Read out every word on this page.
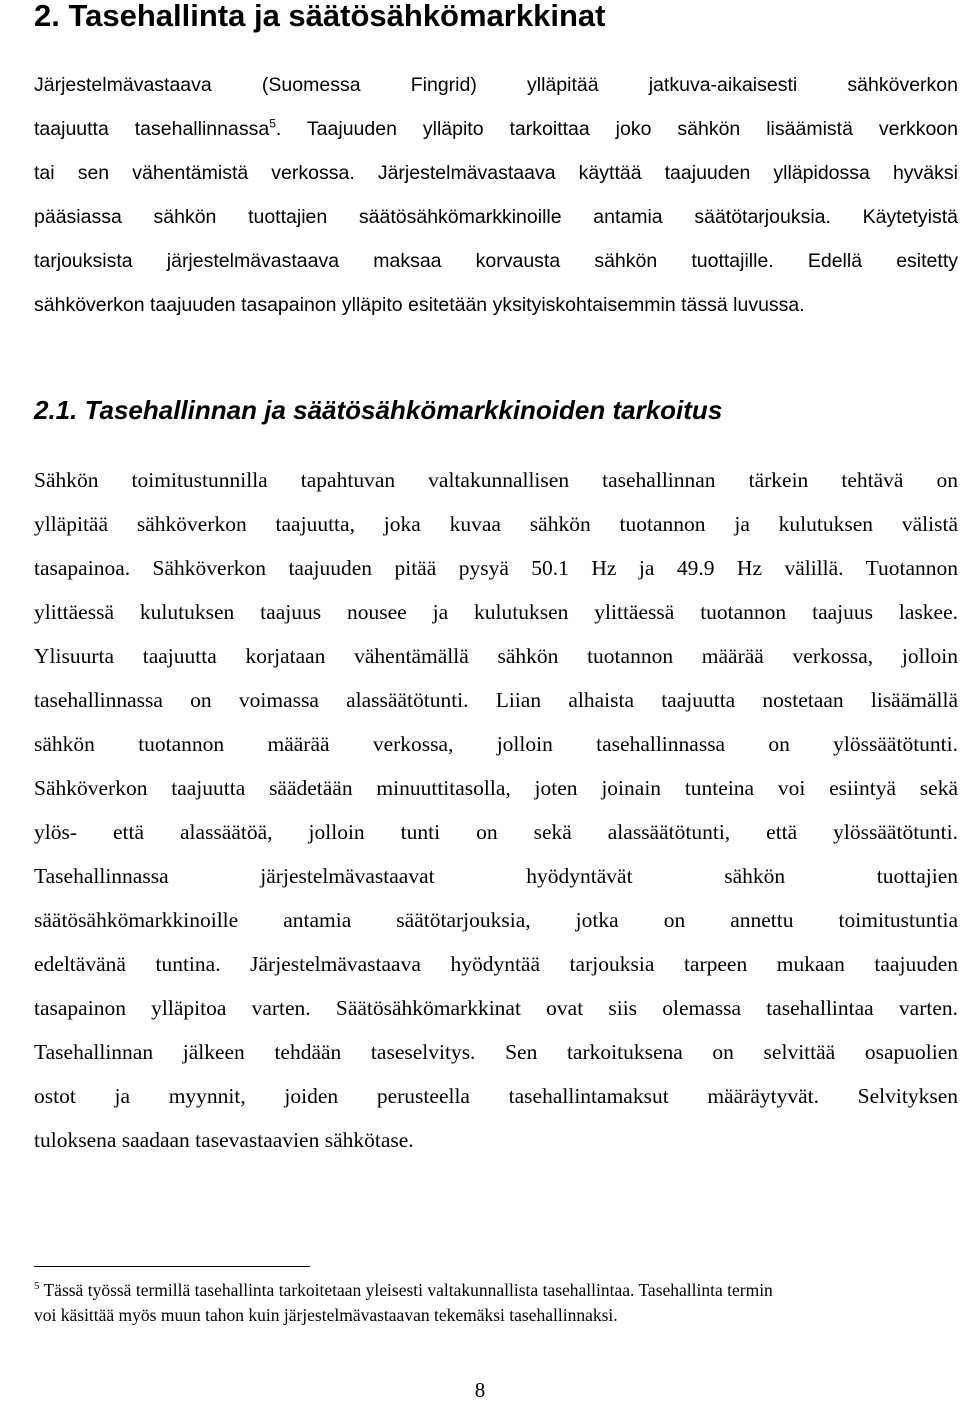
2. Tasehallinta ja säätösähkömarkkinat
Järjestelmävastaava (Suomessa Fingrid) ylläpitää jatkuva-aikaisesti sähköverkon
taajuutta tasehallinnassa$^5$. Taajuuden ylläpito tarkoittaa joko sähkön lisäämistä verkkoon
tai sen vähentämistä verkossa. Järjestelmävastaava käyttää taajuuden ylläpidossa hyväksi
pääsiassa sähkön tuottajien säätösähkömarkkinoille antamia säätötarjouksia. Käytetyistä
tarjouksista järjestelmävastaava maksaa korvausta sähkön tuottajille. Edellä esitetty
sähköverkon taajuuden tasapainon ylläpito esitetään yksityiskohtaisemmin tässä luvussa.
2.1. Tasehallinnan ja säätösähkömarkkinoiden tarkoitus
Sähkön toimitustunnilla tapahtuvan valtakunnallisen tasehallinnan tärkein tehtävä on
ylläpitää sähköverkon taajuutta, joka kuvaa sähkön tuotannon ja kulutuksen välistä
tasapainoa. Sähköverkon taajuuden pitää pysyä 50.1 Hz ja 49.9 Hz välillä. Tuotannon
ylittäessä kulutuksen taajuus nousee ja kulutuksen ylittäessä tuotannon taajuus laskee.
Ylisuurta taajuutta korjataan vähentämällä sähkön tuotannon määrää verkossa, jolloin
tasehallinnassa on voimassa alassäätötunti. Liian alhaista taajuutta nostetaan lisäämällä
sähkön tuotannon määrää verkossa, jolloin tasehallinnassa on ylössäätötunti.
Sähköverkon taajuutta säädetään minuuttitasolla, joten joinain tunteina voi esiintyä sekä
ylös- että alassäätöä, jolloin tunti on sekä alassäätötunti, että ylössäätötunti.
Tasehallinnassa järjestelmävastaavat hyödyntävät sähkön tuottajien
säätösähkömarkkinoille antamia säätötarjouksia, jotka on annettu toimitustuntia
edeltävänä tuntina. Järjestelmävastaava hyödyntää tarjouksia tarpeen mukaan taajuuden
tasapainon ylläpitoa varten. Säätösähkömarkkinat ovat siis olemassa tasehallintaa varten.
Tasehallinnan jälkeen tehdään taseselvitys. Sen tarkoituksena on selvittää osapuolien
ostot ja myynnit, joiden perusteella tasehallintamaksut määräytyvät. Selvityksen
tuloksena saadaan tasevastaavien sähkötase.
$^5$ Tässä työssä termillä tasehallinta tarkoitetaan yleisesti valtakunnallista tasehallintaa. Tasehallinta termin
voi käsittää myös muun tahon kuin järjestelmävastaavan tekemäksi tasehallinnaksi.
8
